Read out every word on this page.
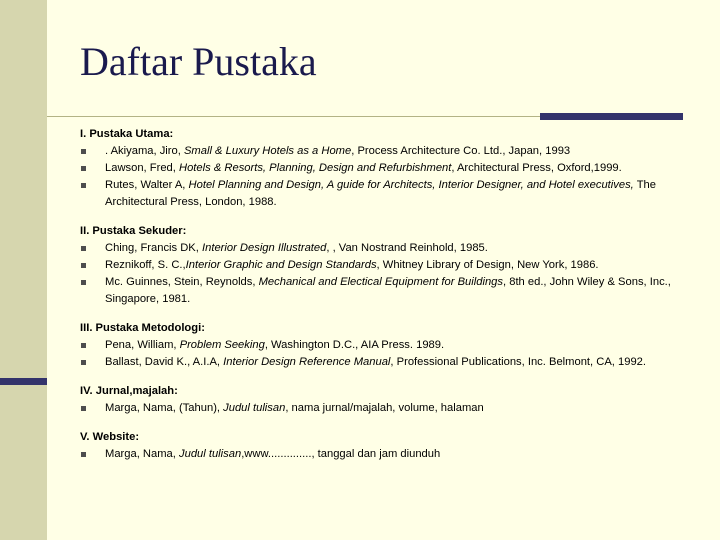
Daftar Pustaka
I. Pustaka Utama:
. Akiyama, Jiro, Small & Luxury Hotels as a Home, Process Architecture Co. Ltd., Japan, 1993
Lawson, Fred, Hotels & Resorts, Planning, Design and Refurbishment, Architectural Press, Oxford,1999.
Rutes, Walter A, Hotel Planning and Design, A guide for Architects, Interior Designer, and Hotel executives, The Architectural Press, London, 1988.
II. Pustaka Sekuder:
Ching, Francis DK, Interior Design Illustrated, , Van Nostrand Reinhold, 1985.
Reznikoff, S. C.,Interior Graphic and Design Standards, Whitney Library of Design, New York, 1986.
Mc. Guinnes, Stein, Reynolds, Mechanical and Electical Equipment for Buildings, 8th ed., John Wiley & Sons, Inc., Singapore, 1981.
III. Pustaka Metodologi:
Pena, William, Problem Seeking, Washington D.C., AIA Press. 1989.
Ballast, David K., A.I.A, Interior Design Reference Manual, Professional Publications, Inc. Belmont, CA, 1992.
IV. Jurnal,majalah:
Marga, Nama, (Tahun), Judul tulisan, nama jurnal/majalah, volume, halaman
V. Website:
Marga, Nama, Judul tulisan,www.............., tanggal dan jam diunduh
